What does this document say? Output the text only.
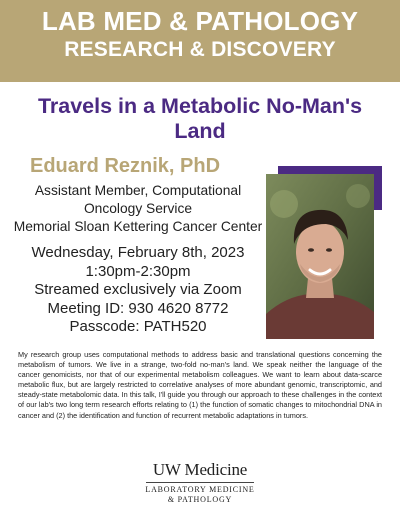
LAB MED & PATHOLOGY
RESEARCH & DISCOVERY
Travels in a Metabolic No-Man's
Land
Eduard Reznik, PhD
Assistant Member, Computational
Oncology Service
Memorial Sloan Kettering Cancer Center
Wednesday, February 8th, 2023
1:30pm-2:30pm
Streamed exclusively via Zoom
Meeting ID: 930 4620 8772
Passcode: PATH520
My research group uses computational methods to address basic and translational questions concerning the metabolism of tumors. We live in a strange, two-fold no-man's land. We speak neither the language of the cancer genomicists, nor that of our experimental metabolism colleagues. We want to learn about data-scarce metabolic flux, but are largely restricted to correlative analyses of more abundant genomic, transcriptomic, and steady-state metabolomic data. In this talk, I'll guide you through our approach to these challenges in the context of our lab's two long term research efforts relating to (1) the function of somatic changes to mitochondrial DNA in cancer and (2) the identification and function of recurrent metabolic adaptations in tumors.
UW Medicine
LABORATORY MEDICINE
& PATHOLOGY
